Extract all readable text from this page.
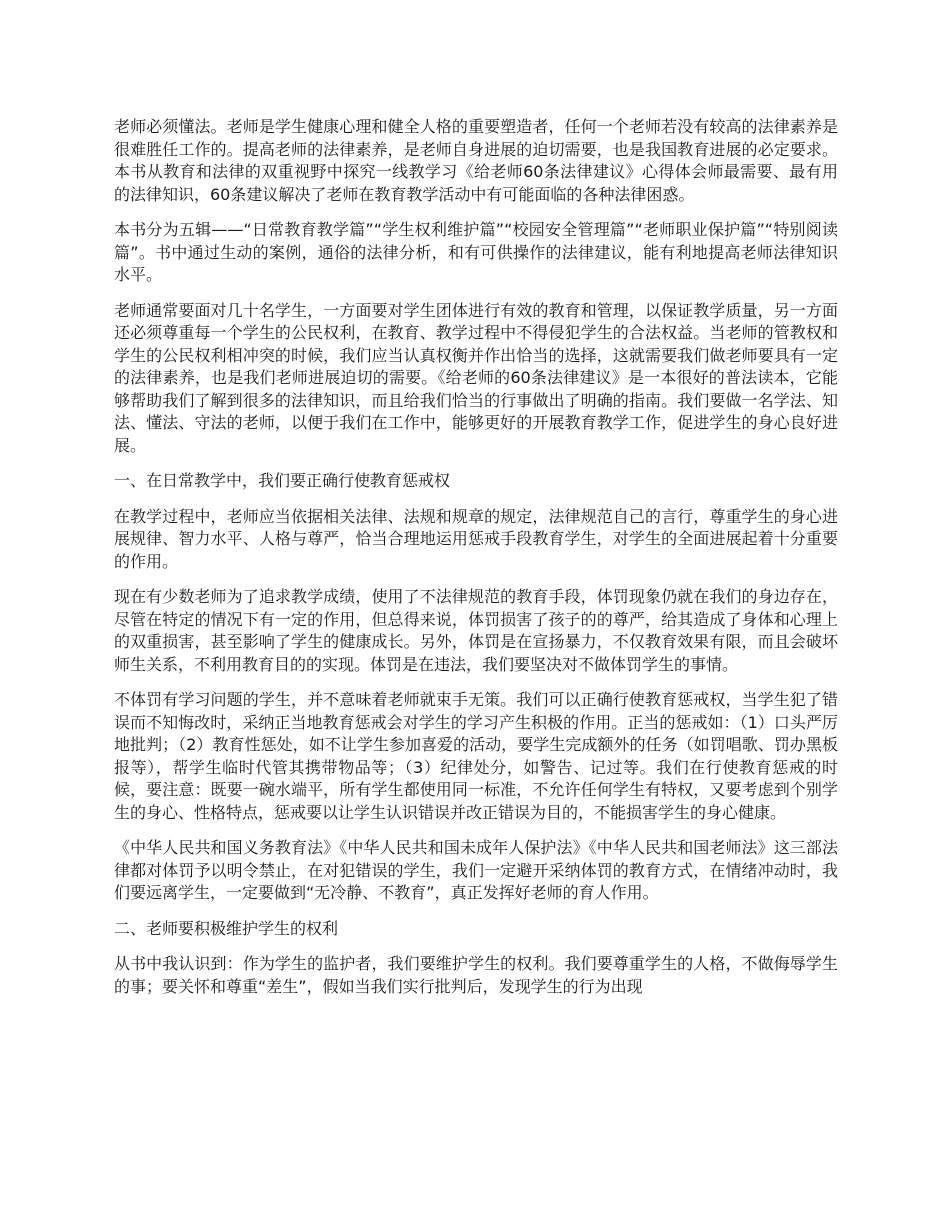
老师必须懂法。老师是学生健康心理和健全人格的重要塑造者，任何一个老师若没有较高的法律素养是很难胜任工作的。提高老师的法律素养，是老师自身进展的迫切需要，也是我国教育进展的必定要求。本书从教育和法律的双重视野中探究一线教学习《给老师60条法律建议》心得体会师最需要、最有用的法律知识，60条建议解决了老师在教育教学活动中有可能面临的各种法律困惑。

本书分为五辑——“日常教育教学篇”“学生权利维护篇”“校园安全管理篇”“老师职业保护篇”“特别阅读篇”。书中通过生动的案例，通俗的法律分析，和有可供操作的法律建议，能有利地提高老师法律知识水平。

老师通常要面对几十名学生，一方面要对学生团体进行有效的教育和管理，以保证教学质量，另一方面还必须尊重每一个学生的公民权利，在教育、教学过程中不得侵犯学生的合法权益。当老师的管教权和学生的公民权利相冲突的时候，我们应当认真权衡并作出恰当的选择，这就需要我们做老师要具有一定的法律素养，也是我们老师进展迫切的需要。《给老师的60条法律建议》是一本很好的普法读本，它能够帮助我们了解到很多的法律知识，而且给我们恰当的行事做出了明确的指南。我们要做一名学法、知法、懂法、守法的老师，以便于我们在工作中，能够更好的开展教育教学工作，促进学生的身心良好进展。

一、在日常教学中，我们要正确行使教育惩戒权

在教学过程中，老师应当依据相关法律、法规和规章的规定，法律规范自己的言行，尊重学生的身心进展规律、智力水平、人格与尊严，恰当合理地运用惩戒手段教育学生，对学生的全面进展起着十分重要的作用。

现在有少数老师为了追求教学成绩，使用了不法律规范的教育手段，体罚现象仍就在我们的身边存在，尽管在特定的情况下有一定的作用，但总得来说，体罚损害了孩子的的尊严，给其造成了身体和心理上的双重损害，甚至影响了学生的健康成长。另外，体罚是在宣扬暴力，不仅教育效果有限，而且会破坏师生关系，不利用教育目的的实现。体罚是在违法，我们要坚决对不做体罚学生的事情。

不体罚有学习问题的学生，并不意味着老师就束手无策。我们可以正确行使教育惩戒权，当学生犯了错误而不知悔改时，采纳正当地教育惩戒会对学生的学习产生积极的作用。正当的惩戒如：（1）口头严厉地批判；（2）教育性惩处，如不让学生参加喜爱的活动，要学生完成额外的任务（如罚唱歌、罚办黑板报等），帮学生临时代管其携带物品等；（3）纪律处分，如警告、记过等。我们在行使教育惩戒的时候，要注意：既要一碗水端平，所有学生都使用同一标准，不允许任何学生有特权，又要考虑到个别学生的身心、性格特点，惩戒要以让学生认识错误并改正错误为目的，不能损害学生的身心健康。

《中华人民共和国义务教育法》《中华人民共和国未成年人保护法》《中华人民共和国老师法》这三部法律都对体罚予以明令禁止，在对犯错误的学生，我们一定避开采纳体罚的教育方式，在情绪冲动时，我们要远离学生，一定要做到“无冷静、不教育”，真正发挥好老师的育人作用。

二、老师要积极维护学生的权利

从书中我认识到：作为学生的监护者，我们要维护学生的权利。我们要尊重学生的人格，不做侮辱学生的事；要关怀和尊重“差生”，假如当我们实行批判后，发现学生的行为出现
